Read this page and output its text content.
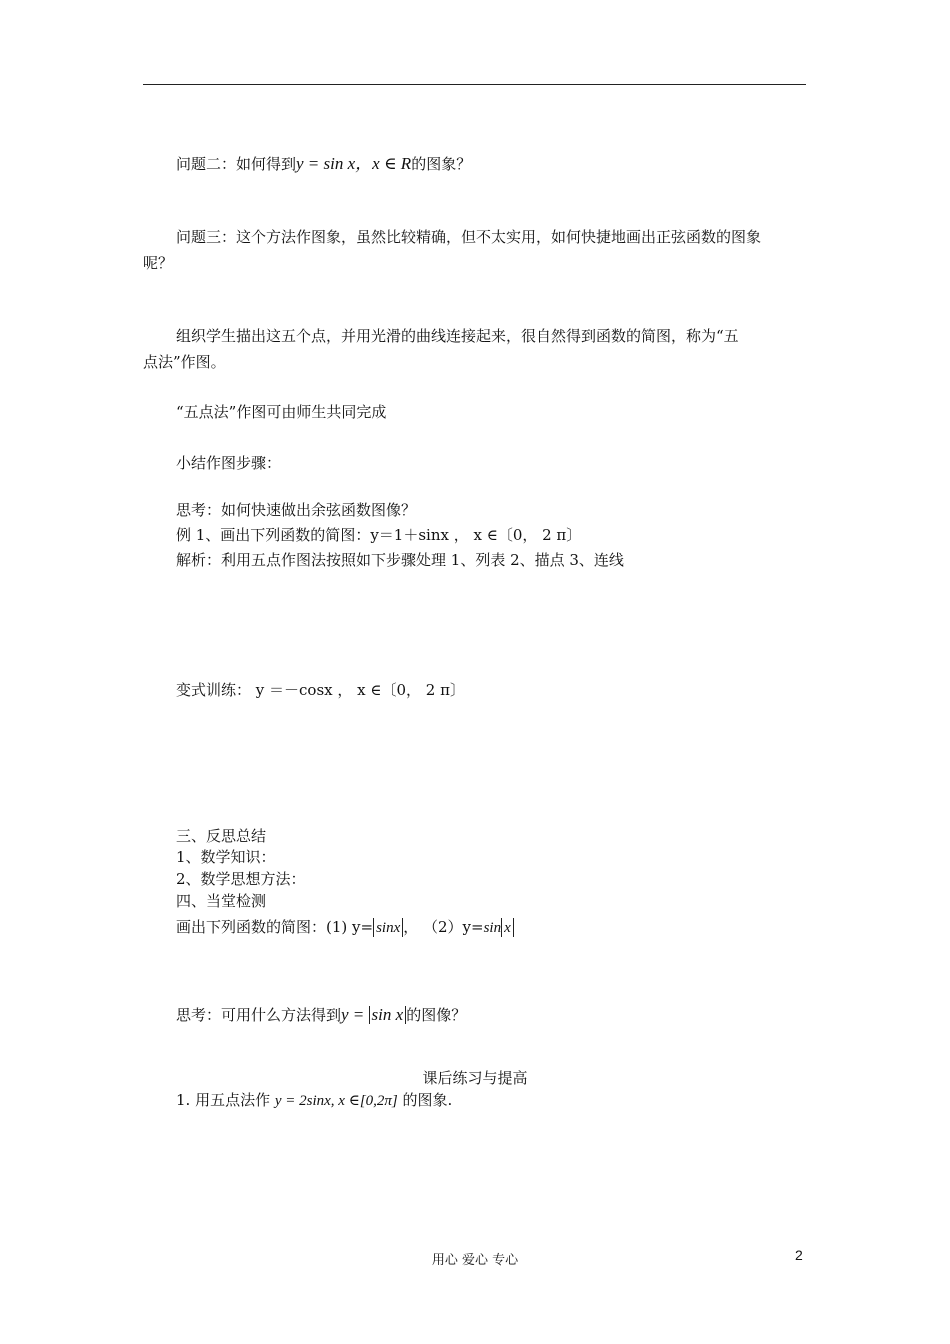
问题二：如何得到y = sin x，x ∈ R的图象？
问题三：这个方法作图象，虽然比较精确，但不太实用，如何快捷地画出正弦函数的图象
呢？
组织学生描出这五个点，并用光滑的曲线连接起来，很自然得到函数的简图，称为“五
点法”作图。
“五点法”作图可由师生共同完成
小结作图步骤：
思考：如何快速做出余弦函数图像？
例 1、画出下列函数的简图：y＝1＋sinx ， x ∈〔0， 2 π〕
解析：利用五点作图法按照如下步骤处理 1、列表 2、描点 3、连线
变式训练： y ＝－cosx ， x ∈〔0， 2 π〕
三、反思总结
1、数学知识：
2、数学思想方法：
四、当堂检测
画出下列函数的简图：(1) y= sinx ， （2）y=sin x
思考：可用什么方法得到y = sin x 的图像？
课后练习与提高
1. 用五点法作 y = 2sinx, x ∈[0,2π] 的图象.
用心 爱心 专心	2
